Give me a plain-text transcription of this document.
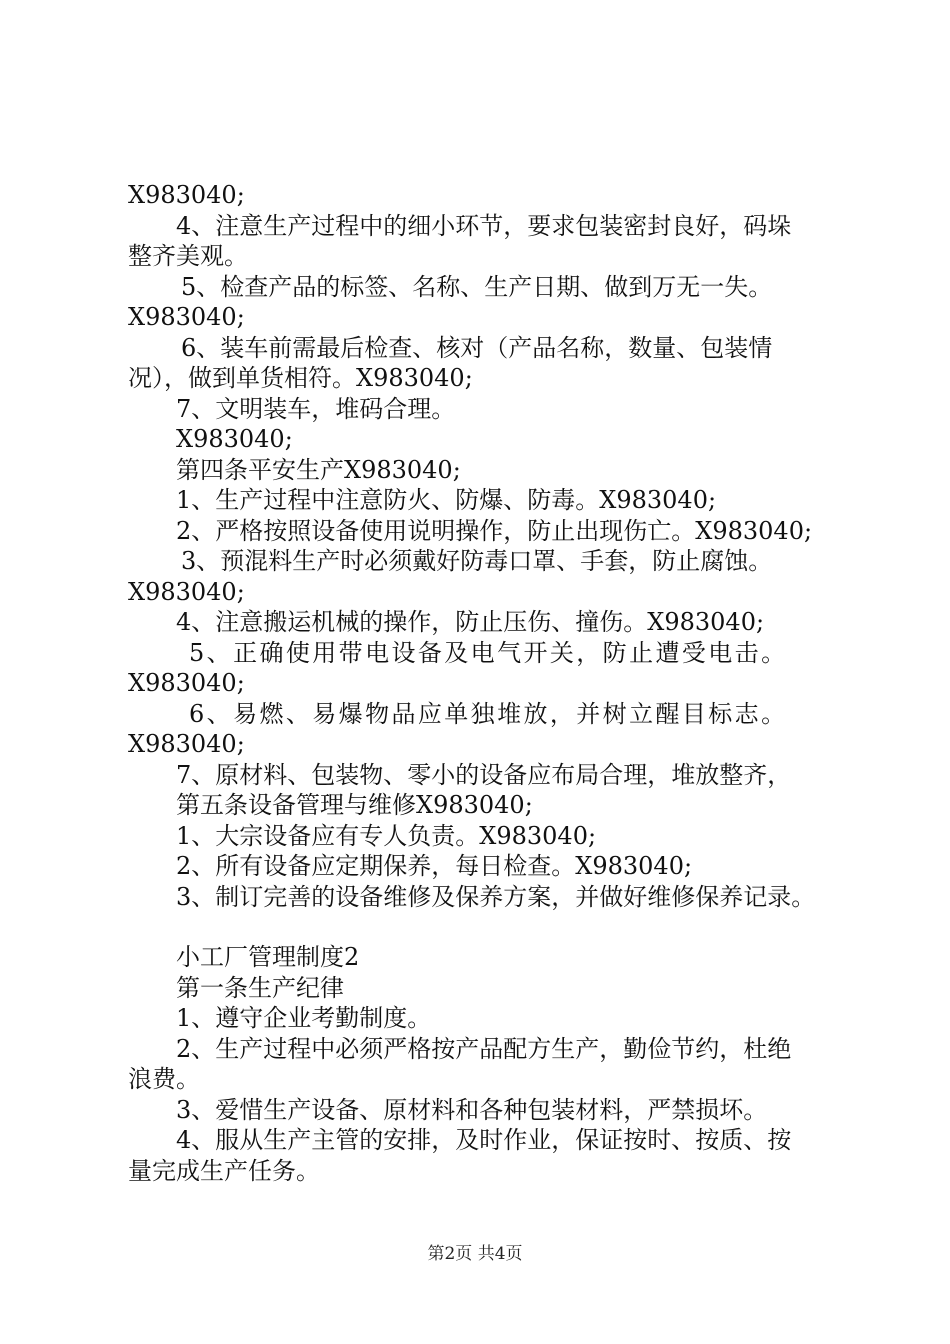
X983040;
4、注意生产过程中的细小环节，要求包装密封良好，码垛
整齐美观。
5、检查产品的标签、名称、生产日期、做到万无一失。
X983040;
6、装车前需最后检查、核对（产品名称，数量、包装情
况），做到单货相符。X983040;
7、文明装车，堆码合理。
X983040;
第四条平安生产X983040;
1、生产过程中注意防火、防爆、防毒。X983040;
2、严格按照设备使用说明操作，防止出现伤亡。X983040;
3、预混料生产时必须戴好防毒口罩、手套，防止腐蚀。
X983040;
4、注意搬运机械的操作，防止压伤、撞伤。X983040;
5、正确使用带电设备及电气开关，防止遭受电击。
X983040;
6、易燃、易爆物品应单独堆放，并树立醒目标志。
X983040;
7、原材料、包装物、零小的设备应布局合理，堆放整齐，
第五条设备管理与维修X983040;
1、大宗设备应有专人负责。X983040;
2、所有设备应定期保养，每日检查。X983040;
3、制订完善的设备维修及保养方案，并做好维修保养记录。
小工厂管理制度2
第一条生产纪律
1、遵守企业考勤制度。
2、生产过程中必须严格按产品配方生产，勤俭节约，杜绝
浪费。
3、爱惜生产设备、原材料和各种包装材料，严禁损坏。
4、服从生产主管的安排，及时作业，保证按时、按质、按
量完成生产任务。
第2页 共4页
